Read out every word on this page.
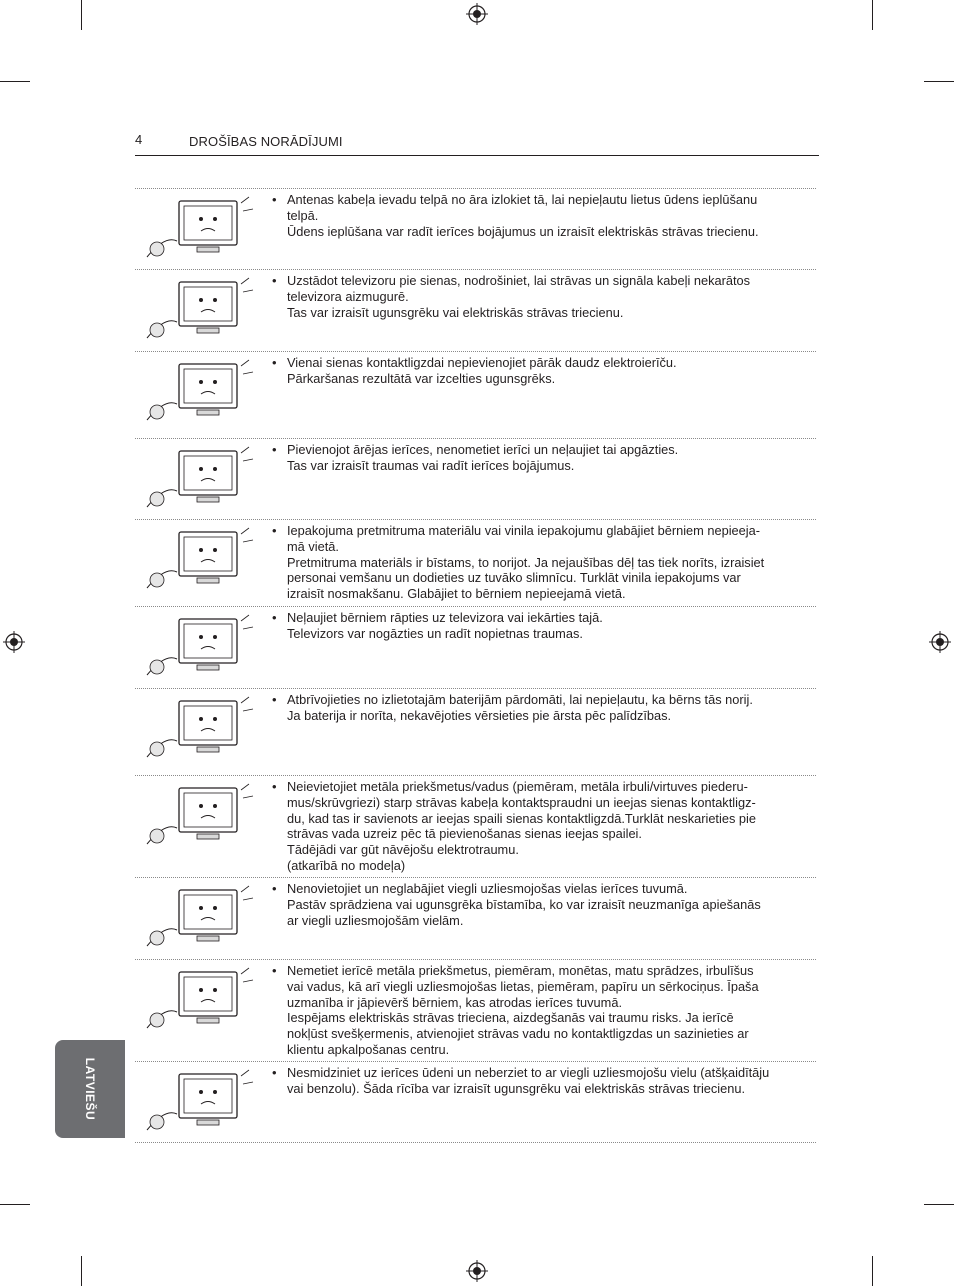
4	DROŠĪBAS NORĀDĪJUMI
LATVIEŠU
• Antenas kabeļa ievadu telpā no āra izlokiet tā, lai nepieļautu lietus ūdens ieplūšanu
telpā.
Ūdens ieplūšana var radīt ierīces bojājumus un izraisīt elektriskās strāvas triecienu.

• Uzstādot televizoru pie sienas, nodrošiniet, lai strāvas un signāla kabeļi nekarātos
televizora aizmugurē.
Tas var izraisīt ugunsgrēku vai elektriskās strāvas triecienu.

• Vienai sienas kontaktligzdai nepievienojiet pārāk daudz elektroierīču.
Pārkaršanas rezultātā var izcelties ugunsgrēks.

• Pievienojot ārējas ierīces, nenometiet ierīci un neļaujiet tai apgāzties.
Tas var izraisīt traumas vai radīt ierīces bojājumus.

• Iepakojuma pretmitruma materiālu vai vinila iepakojumu glabājiet bērniem nepieeja-
mā vietā.
Pretmitruma materiāls ir bīstams, to norijot. Ja nejaušības dēļ tas tiek norīts, izraisiet
personai vemšanu un dodieties uz tuvāko slimnīcu. Turklāt vinila iepakojums var
izraisīt nosmakšanu. Glabājiet to bērniem nepieejamā vietā.

• Neļaujiet bērniem rāpties uz televizora vai iekārties tajā.
Televizors var nogāzties un radīt nopietnas traumas.

• Atbrīvojieties no izlietotajām baterijām pārdomāti, lai nepieļautu, ka bērns tās norij.
Ja baterija ir norīta, nekavējoties vērsieties pie ārsta pēc palīdzības.

• Neievietojiet metāla priekšmetus/vadus (piemēram, metāla irbuli/virtuves piederu-
mus/skrūvgriezi) starp strāvas kabeļa kontaktspraudni un ieejas sienas kontaktligz-
du, kad tas ir savienots ar ieejas spaili sienas kontaktligzdā.Turklāt neskarieties pie
strāvas vada uzreiz pēc tā pievienošanas sienas ieejas spailei.
Tādējādi var gūt nāvējošu elektrotraumu.
(atkarībā no modeļa)

• Nenovietojiet un neglabājiet viegli uzliesmojošas vielas ierīces tuvumā.
Pastāv sprādziena vai ugunsgrēka bīstamība, ko var izraisīt neuzmanīga apiešanās
ar viegli uzliesmojošām vielām.

• Nemetiet ierīcē metāla priekšmetus, piemēram, monētas, matu sprādzes, irbulīšus
vai vadus, kā arī viegli uzliesmojošas lietas, piemēram, papīru un sērkociņus. Īpaša
uzmanība ir jāpievērš bērniem, kas atrodas ierīces tuvumā.
Iespējams elektriskās strāvas trieciena, aizdegšanās vai traumu risks. Ja ierīcē
nokļūst svešķermenis, atvienojiet strāvas vadu no kontaktligzdas un sazinieties ar
klientu apkalpošanas centru.

• Nesmidziniet uz ierīces ūdeni un neberziet to ar viegli uzliesmojošu vielu (atšķaidītāju
vai benzolu). Šāda rīcība var izraisīt ugunsgrēku vai elektriskās strāvas triecienu.
